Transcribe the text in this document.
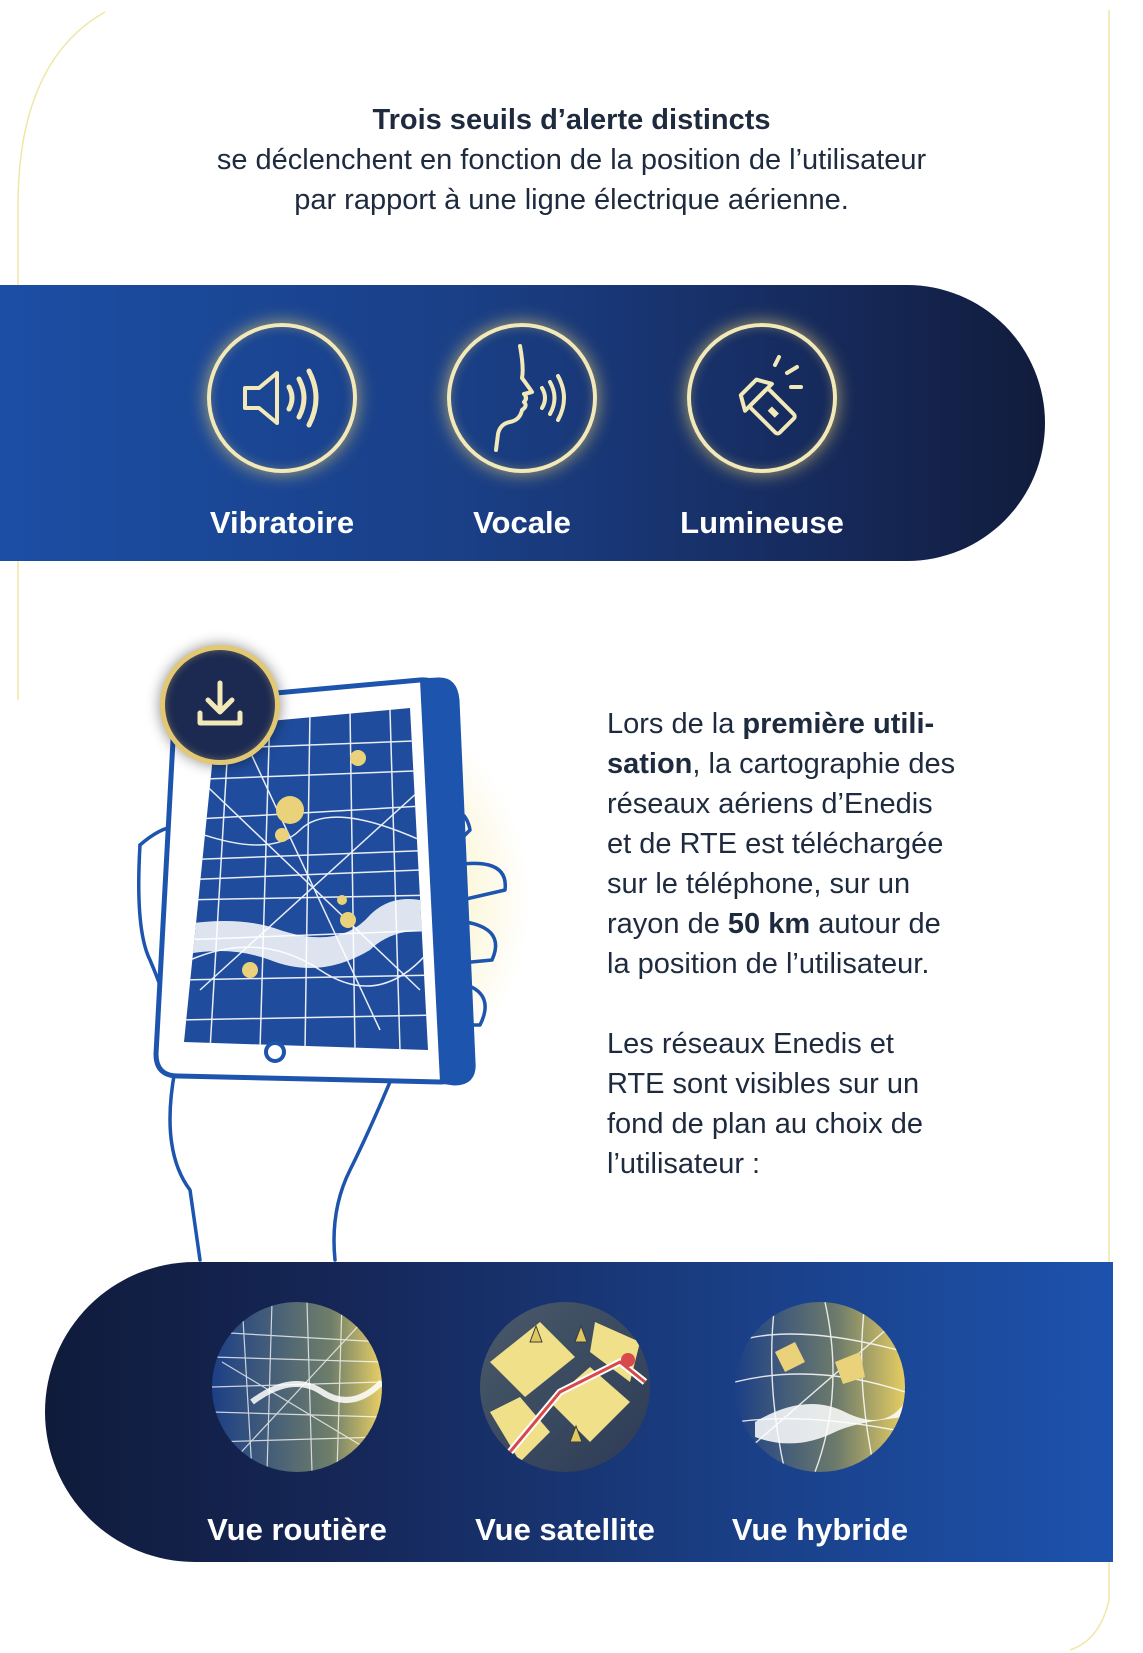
Trois seuils d’alerte distincts
se déclenchent en fonction de la position de l’utilisateur
par rapport à une ligne électrique aérienne.
Vibratoire	Vocale	Lumineuse
Lors de la première utili-
sation, la cartographie des
réseaux aériens d’Enedis
et de RTE est téléchargée
sur le téléphone, sur un
rayon de 50 km autour de
la position de l’utilisateur.
Les réseaux Enedis et
RTE sont visibles sur un
fond de plan au choix de
l’utilisateur :
Vue routière	Vue satellite	Vue hybride
